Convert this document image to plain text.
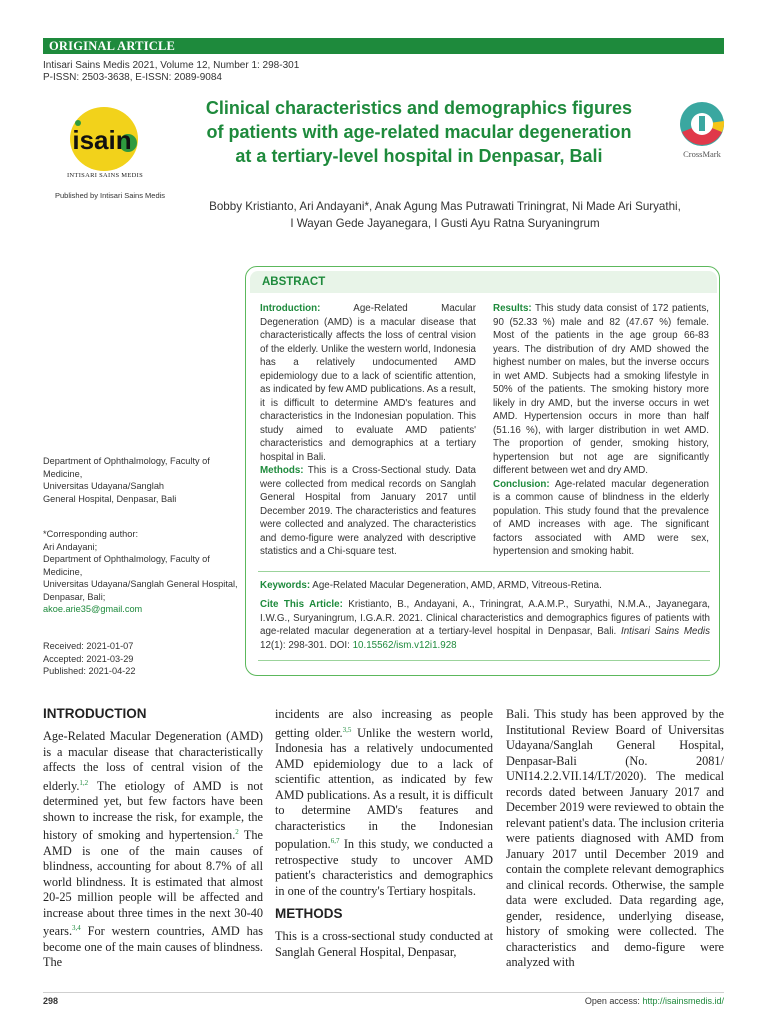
ORIGINAL ARTICLE
Intisari Sains Medis 2021, Volume 12, Number 1: 298-301
P-ISSN: 2503-3638, E-ISSN: 2089-9084
isain
INTISARI SAINS MEDIS
Published by Intisari Sains Medis
Clinical characteristics and demographics figures
of patients with age-related macular degeneration
at a tertiary-level hospital in Denpasar, Bali	CrossMark
Bobby Kristianto, Ari Andayani*, Anak Agung Mas Putrawati Triningrat, Ni Made Ari Suryathi,
I Wayan Gede Jayanegara, I Gusti Ayu Ratna Suryaningrum
Department of Ophthalmology, Faculty of Medicine,
Universitas Udayana/Sanglah
General Hospital, Denpasar, Bali
*Corresponding author:
Ari Andayani;
Department of Ophthalmology, Faculty of Medicine,
Universitas Udayana/Sanglah General Hospital,
Denpasar, Bali;
akoe.arie35@gmail.com
Received: 2021-01-07
Accepted: 2021-03-29
Published: 2021-04-22
ABSTRACT
Introduction:	Age-Related Macular Degeneration (AMD) is a macular disease that characteristically affects the loss of central vision of the elderly. Unlike the western world, Indonesia has a relatively undocumented AMD epidemiology due to a lack of scientific attention, as indicated by few AMD publications. As a result, it is difficult to determine AMD's features and characteristics in the Indonesian population. This study aimed to evaluate AMD patients' characteristics and demographics at a tertiary hospital in Bali.
Methods: This is a Cross-Sectional study. Data were collected from medical records on Sanglah General Hospital from January 2017 until December 2019. The characteristics and features were collected and analyzed. The characteristics and demo-figure were analyzed with descriptive statistics and a Chi-square test.
Results: This study data consist of 172 patients, 90 (52.33 %) male and 82 (47.67 %) female. Most of the patients in the age group 66-83 years. The distribution of dry AMD showed the highest number on males, but the inverse occurs in wet AMD. Subjects had a smoking lifestyle in 50% of the patients. The smoking history more likely in dry AMD, but the inverse occurs in wet AMD. Hypertension occurs in more than half (51.16 %), with larger distribution in wet AMD. The proportion of gender, smoking history, hypertension but not age are significantly different between wet and dry AMD.
Conclusion: Age-related macular degeneration is a common cause of blindness in the elderly population. This study found that the prevalence of AMD increases with age. The significant factors associated with AMD were sex, hypertension and smoking habit.
Keywords: Age-Related Macular Degeneration, AMD, ARMD, Vitreous-Retina.
Cite This Article: Kristianto, B., Andayani, A., Triningrat, A.A.M.P., Suryathi, N.M.A., Jayanegara, I.W.G., Suryaningrum, I.G.A.R. 2021. Clinical characteristics and demographics figures of patients with age-related macular degeneration at a tertiary-level hospital in Denpasar, Bali. Intisari Sains Medis 12(1): 298-301. DOI: 10.15562/ism.v12i1.928
INTRODUCTION
Age-Related Macular Degeneration (AMD) is a macular disease that characteristically affects the loss of central vision of the elderly.$^{1,2}$ The etiology of AMD is not determined yet, but few factors have been shown to increase the risk, for example, the history of smoking and hypertension.$^2$ The AMD is one of the main causes of blindness, accounting for about 8.7% of all world blindness. It is estimated that almost 20-25 million people will be affected and increase about three times in the next 30-40 years.$^{3,4}$ For western countries, AMD has become one of the main causes of blindness. The
incidents are also increasing as people getting older.$^{3,5}$ Unlike the western world, Indonesia has a relatively undocumented AMD epidemiology due to a lack of scientific attention, as indicated by few AMD publications. As a result, it is difficult to determine AMD's features and characteristics in the Indonesian population.$^{6,7}$ In this study, we conducted a retrospective study to uncover AMD patient's characteristics and demographics in one of the country's Tertiary hospitals.
METHODS
This is a cross-sectional study conducted at Sanglah General Hospital, Denpasar,
Bali. This study has been approved by the Institutional Review Board of Universitas Udayana/Sanglah General Hospital, Denpasar-Bali (No. 2081/ UNI14.2.2.VII.14/LT/2020). The medical records dated between January 2017 and December 2019 were reviewed to obtain the relevant patient's data. The inclusion criteria were patients diagnosed with AMD from January 2017 until December 2019 and contain the complete relevant demographics and clinical records. Otherwise, the sample data were excluded. Data regarding age, gender, residence, underlying disease, history of smoking were collected. The characteristics and demo-figure were analyzed with
298	Open access: http://isainsmedis.id/
